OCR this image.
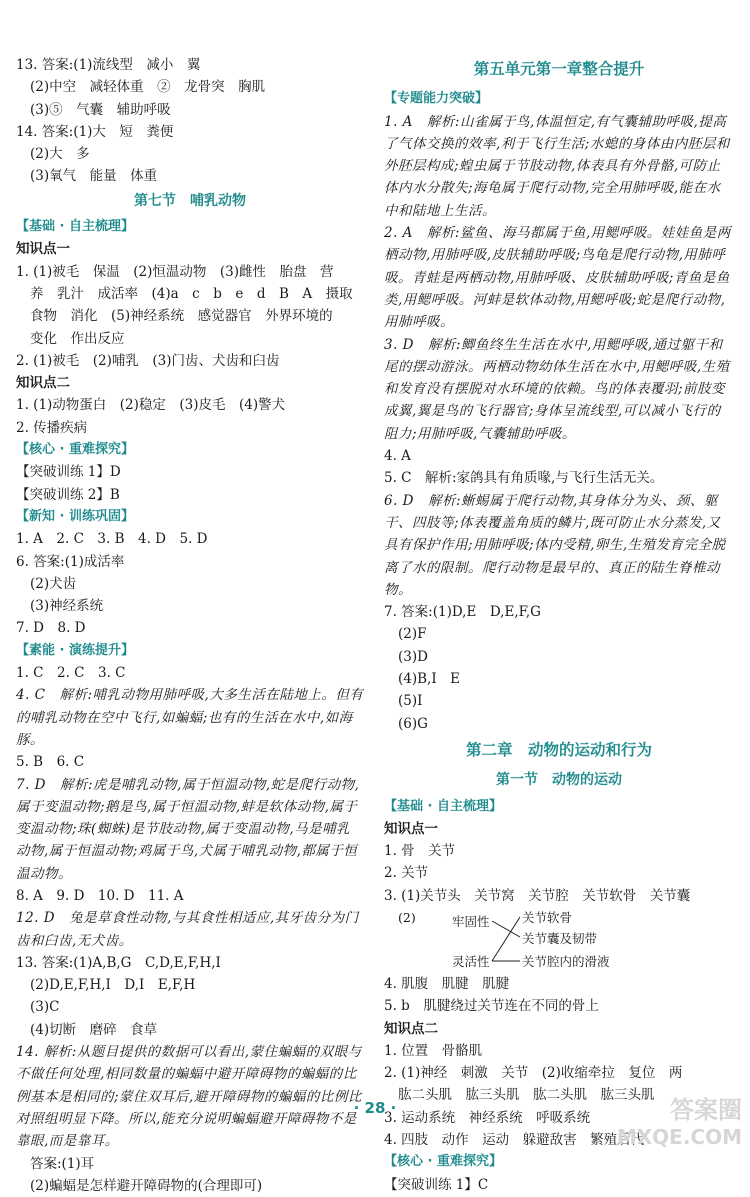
13. 答案:(1)流线型　减小　翼
(2)中空　减轻体重　②　龙骨突　胸肌
(3)⑤　气囊　辅助呼吸
14. 答案:(1)大　短　粪便
(2)大　多
(3)氧气　能量　体重
第七节　哺乳动物
【基础 · 自主梳理】
知识点一
1. (1)被毛　保温　(2)恒温动物　(3)雌性　胎盘　营
养　乳汁　成活率　(4)a　c　b　e　d　B　A　摄取
食物　消化　(5)神经系统　感觉器官　外界环境的
变化　作出反应
2. (1)被毛　(2)哺乳　(3)门齿、犬齿和臼齿
知识点二
1. (1)动物蛋白　(2)稳定　(3)皮毛　(4)警犬
2. 传播疾病
【核心 · 重难探究】
【突破训练 1】D
【突破训练 2】B
【新知 · 训练巩固】
1. A　2. C　3. B　4. D　5. D
6. 答案:(1)成活率
(2)犬齿
(3)神经系统
7. D　8. D
【素能 · 演练提升】
1. C　2. C　3. C
4. C　解析:哺乳动物用肺呼吸,大多生活在陆地上。但有的哺乳动物在空中飞行,如蝙蝠;也有的生活在水中,如海豚。
5. B　6. C
7. D　解析:虎是哺乳动物,属于恒温动物,蛇是爬行动物,属于变温动物;鹅是鸟,属于恒温动物,蚌是软体动物,属于变温动物;珠(蜘蛛)是节肢动物,属于变温动物,马是哺乳动物,属于恒温动物;鸡属于鸟,犬属于哺乳动物,都属于恒温动物。
8. A　9. D　10. D　11. A
12. D　兔是草食性动物,与其食性相适应,其牙齿分为门齿和臼齿,无犬齿。
13. 答案:(1)A,B,G　C,D,E,F,H,I
(2)D,E,F,H,I　D,I　E,F,H
(3)C
(4)切断　磨碎　食草
14. 解析:从题目提供的数据可以看出,蒙住蝙蝠的双眼与不做任何处理,相同数量的蝙蝠中避开障碍物的蝙蝠的比例基本是相同的;蒙住双耳后,避开障碍物的蝙蝠的比例比对照组明显下降。所以,能充分说明蝙蝠避开障碍物不是靠眼,而是靠耳。
答案:(1)耳
(2)蝙蝠是怎样避开障碍物的(合理即可)
第五单元第一章整合提升
【专题能力突破】
1. A　解析:山雀属于鸟,体温恒定,有气囊辅助呼吸,提高了气体交换的效率,利于飞行生活;水螅的身体由内胚层和外胚层构成;蝗虫属于节肢动物,体表具有外骨骼,可防止体内水分散失;海龟属于爬行动物,完全用肺呼吸,能在水中和陆地上生活。
2. A　解析:鲨鱼、海马都属于鱼,用鳃呼吸。娃娃鱼是两栖动物,用肺呼吸,皮肤辅助呼吸;鸟龟是爬行动物,用肺呼吸。青蛙是两栖动物,用肺呼吸、皮肤辅助呼吸;青鱼是鱼类,用鳃呼吸。河蚌是软体动物,用鳃呼吸;蛇是爬行动物,用肺呼吸。
3. D　解析:鲫鱼终生生活在水中,用鳃呼吸,通过躯干和尾的摆动游泳。两栖动物幼体生活在水中,用鳃呼吸,生殖和发育没有摆脱对水环境的依赖。鸟的体表覆羽;前肢变成翼,翼是鸟的飞行器官;身体呈流线型,可以减小飞行的阻力;用肺呼吸,气囊辅助呼吸。
4. A
5. C　解析:家鸽具有角质喙,与飞行生活无关。
6. D　解析:蜥蜴属于爬行动物,其身体分为头、颈、躯干、四肢等;体表覆盖角质的鳞片,既可防止水分蒸发,又具有保护作用;用肺呼吸;体内受精,卵生,生殖发育完全脱离了水的限制。爬行动物是最早的、真正的陆生脊椎动物。
7. 答案:(1)D,E　D,E,F,G
(2)F
(3)D
(4)B,I　E
(5)I
(6)G
第二章　动物的运动和行为
第一节　动物的运动
【基础 · 自主梳理】
知识点一
1. 骨　关节
2. 关节
3. (1)关节头　关节窝　关节腔　关节软骨　关节囊
(2)	牢固性
灵活性
关节软骨
关节囊及韧带
关节腔内的滑液
4. 肌腹　肌腱　肌腱
5. b　肌腱绕过关节连在不同的骨上
知识点二
1. 位置　骨骼肌
2. (1)神经　刺激　关节　(2)收缩牵拉　复位　两
肱二头肌　肱三头肌　肱二头肌　肱三头肌
3. 运动系统　神经系统　呼吸系统
4. 四肢　动作　运动　躲避敌害　繁殖后代
【核心 · 重难探究】
【突破训练 1】C
· 28 ·	答案圈
MXQE.COM
